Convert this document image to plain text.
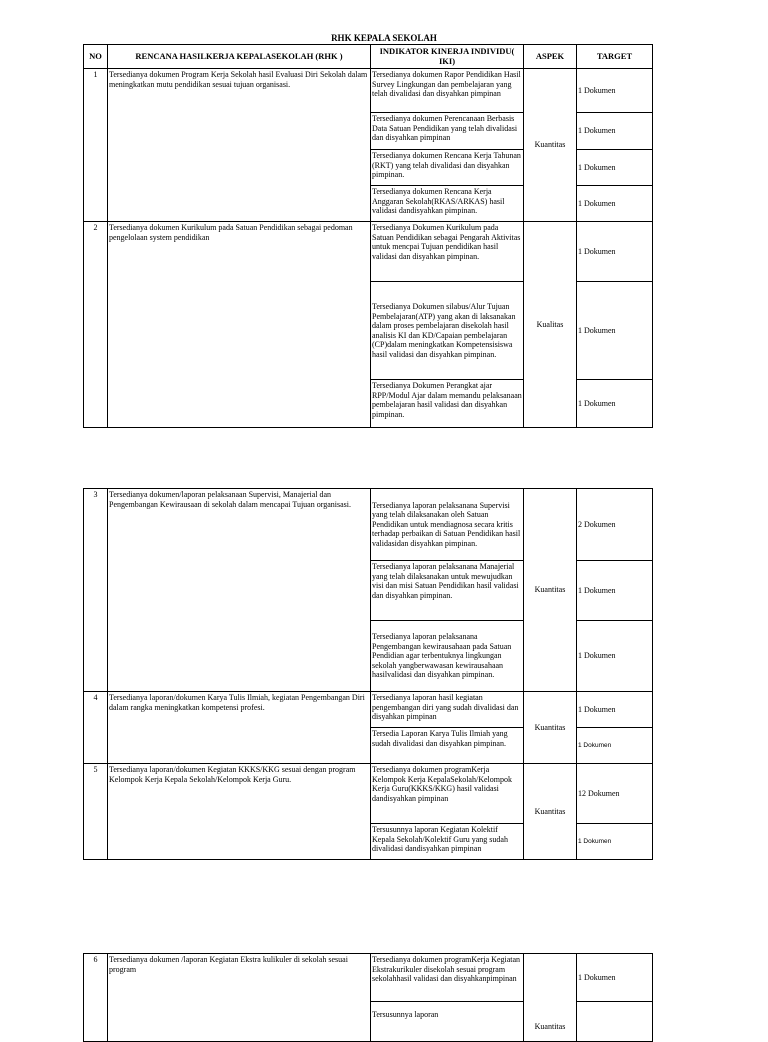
RHK KEPALA SEKOLAH
NO	RENCANA HASILKERJA KEPALASEKOLAH (RHK )	INDIKATOR KINERJA INDIVIDU( IKI)	ASPEK	TARGET
1	Tersedianya dokumen Program Kerja Sekolah hasil Evaluasi Diri Sekolah dalam meningkatkan mutu pendidikan sesuai tujuan organisasi.	Tersedianya dokumen Rapor Pendidikan Hasil Survey Lingkungan dan pembelajaran yang telah divalidasi dan disyahkan pimpinan	Kuantitas	1 Dokumen
		Tersedianya dokumen Perencanaan Berbasis Data Satuan Pendidikan yang telah divalidasi dan disyahkan pimpinan		1 Dokumen
		Tersedianya dokumen Rencana Kerja Tahunan (RKT) yang telah divalidasi dan disyahkan pimpinan.		1 Dokumen
		Tersedianya dokumen Rencana Kerja Anggaran Sekolah(RKAS/ARKAS) hasil validasi dandisyahkan pimpinan.		1 Dokumen
2	Tersedianya dokumen Kurikulum pada Satuan Pendidikan sebagai pedoman pengelolaan system pendidikan	Tersedianya Dokumen Kurikulum pada Satuan Pendidikan sebagai Pengarah Aktivitas untuk mencpai Tujuan pendidikan hasil validasi dan disyahkan pimpinan.	Kualitas	1 Dokumen
		Tersedianya Dokumen silabus/Alur Tujuan Pembelajaran(ATP) yang akan di laksanakan dalam proses pembelajaran disekolah hasil analisis KI dan KD/Capaian pembelajaran (CP)dalam meningkatkan Kompetensisiswa hasil validasi dan disyahkan pimpinan.		1 Dokumen
		Tersedianya Dokumen Perangkat ajar RPP/Modul Ajar dalam memandu pelaksanaan pembelajaran hasil validasi dan disyahkan pimpinan.		1 Dokumen
3	Tersedianya dokumen/laporan pelaksanaan Supervisi, Manajerial dan Pengembangan Kewirausaan di sekolah dalam mencapai Tujuan organisasi.	Tersedianya laporan pelaksanana Supervisi yang telah dilaksanakan oleh Satuan Pendidikan untuk mendiagnosa secara kritis terhadap perbaikan di Satuan Pendidikan hasil validasidan disyahkan pimpinan.	Kuantitas	2 Dokumen
		Tersedianya laporan pelaksanana Manajerial yang telah dilaksanakan untuk mewujudkan visi dan misi Satuan Pendidikan hasil validasi dan disyahkan pimpinan.		1 Dokumen
		Tersedianya laporan pelaksanana Pengembangan kewirausahaan pada Satuan Pendidian agar terbentuknya lingkungan sekolah yangberwawasan kewirausahaan hasilvalidasi dan disyahkan pimpinan.		1 Dokumen
4	Tersedianya laporan/dokumen Karya Tulis Ilmiah, kegiatan Pengembangan Diri dalam rangka meningkatkan kompetensi profesi.	Tersedianya laporan hasil kegiatan pengembangan diri yang sudah divalidasi dan disyahkan pimpinan	Kuantitas	1 Dokumen
		Tersedia Laporan Karya Tulis Ilmiah yang sudah divalidasi dan disyahkan pimpinan.		1 Dokumen
5	Tersedianya laporan/dokumen Kegiatan KKKS/KKG sesuai dengan program Kelompok Kerja Kepala Sekolah/Kelompok Kerja Guru.	Tersedianya dokumen programKerja Kelompok Kerja KepalaSekolah/Kelompok Kerja Guru(KKKS/KKG) hasil validasi dandisyahkan pimpinan	Kuantitas	12 Dokumen
		Tersusunnya laporan Kegiatan Kolektif Kepala Sekolah/Kolektif Guru yang sudah divalidasi dandisyahkan pimpinan		1 Dokumen
6	Tersedianya dokumen /laporan Kegiatan Ekstra kulikuler di sekolah sesuai program	Tersedianya dokumen programKerja Kegiatan Ekstrakurikuler disekolah sesuai program sekolahhasil validasi dan disyahkanpimpinan	Kuantitas	1 Dokumen
		Tersusunnya laporan		
